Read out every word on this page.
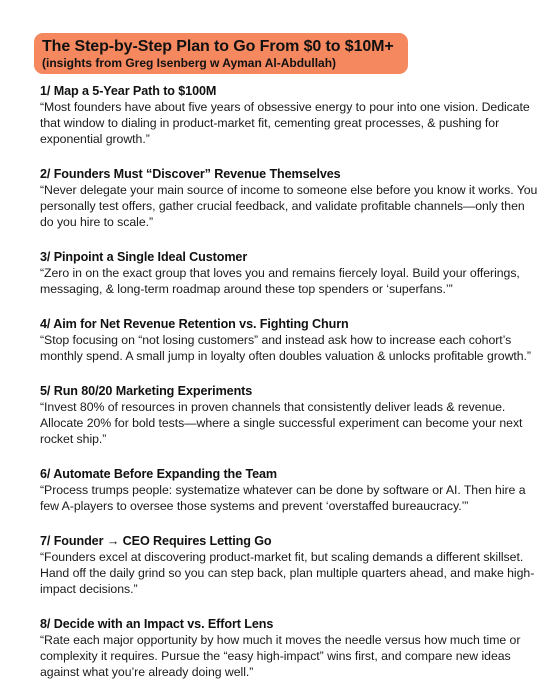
The Step-by-Step Plan to Go From $0 to $10M+
(insights from Greg Isenberg w Ayman Al-Abdullah)
1/ Map a 5-Year Path to $100M
“Most founders have about five years of obsessive energy to pour into one vision. Dedicate that window to dialing in product-market fit, cementing great processes, & pushing for exponential growth.”
2/ Founders Must “Discover” Revenue Themselves
“Never delegate your main source of income to someone else before you know it works. You personally test offers, gather crucial feedback, and validate profitable channels—only then do you hire to scale.”
3/ Pinpoint a Single Ideal Customer
“Zero in on the exact group that loves you and remains fiercely loyal. Build your offerings, messaging, & long-term roadmap around these top spenders or ‘superfans.’”
4/ Aim for Net Revenue Retention vs. Fighting Churn
“Stop focusing on “not losing customers” and instead ask how to increase each cohort’s monthly spend. A small jump in loyalty often doubles valuation & unlocks profitable growth.”
5/ Run 80/20 Marketing Experiments
“Invest 80% of resources in proven channels that consistently deliver leads & revenue. Allocate 20% for bold tests—where a single successful experiment can become your next rocket ship.”
6/ Automate Before Expanding the Team
“Process trumps people: systematize whatever can be done by software or AI. Then hire a few A-players to oversee those systems and prevent ‘overstaffed bureaucracy.’”
7/ Founder → CEO Requires Letting Go
“Founders excel at discovering product-market fit, but scaling demands a different skillset. Hand off the daily grind so you can step back, plan multiple quarters ahead, and make high-impact decisions.”
8/ Decide with an Impact vs. Effort Lens
“Rate each major opportunity by how much it moves the needle versus how much time or complexity it requires. Pursue the “easy high-impact” wins first, and compare new ideas against what you’re already doing well.”
